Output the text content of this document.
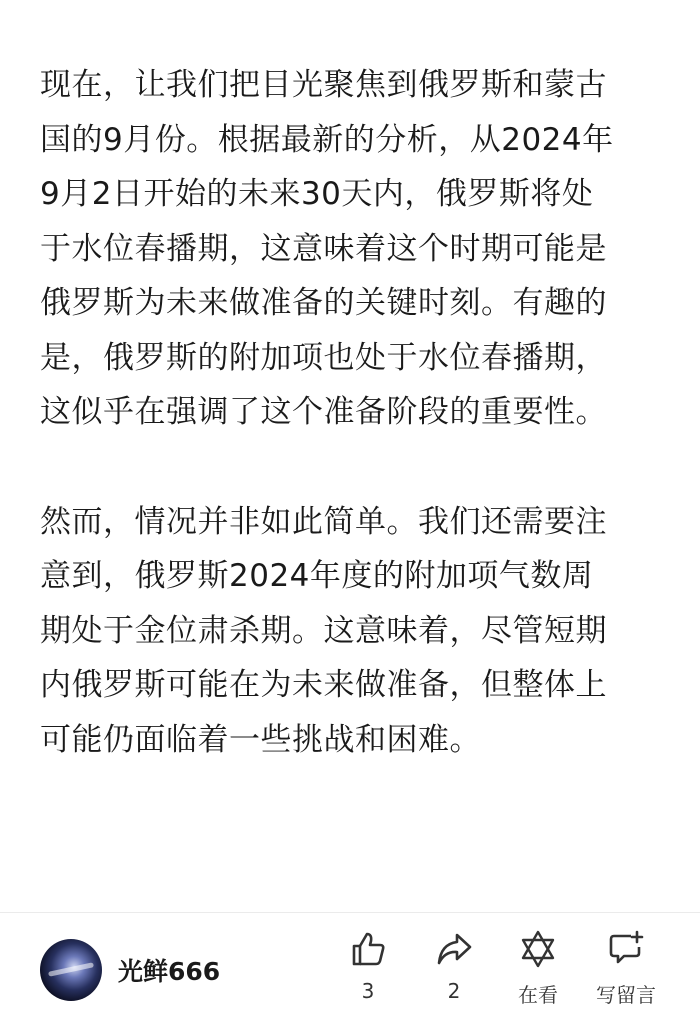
现在，让我们把目光聚焦到俄罗斯和蒙古
国的9月份。根据最新的分析，从2024年
9月2日开始的未来30天内，俄罗斯将处
于水位春播期，这意味着这个时期可能是
俄罗斯为未来做准备的关键时刻。有趣的
是，俄罗斯的附加项也处于水位春播期，
这似乎在强调了这个准备阶段的重要性。

然而，情况并非如此简单。我们还需要注
意到，俄罗斯2024年度的附加项气数周
期处于金位肃杀期。这意味着，尽管短期
内俄罗斯可能在为未来做准备，但整体上
可能仍面临着一些挑战和困难。

光鲜666
3	2	在看 写留言
